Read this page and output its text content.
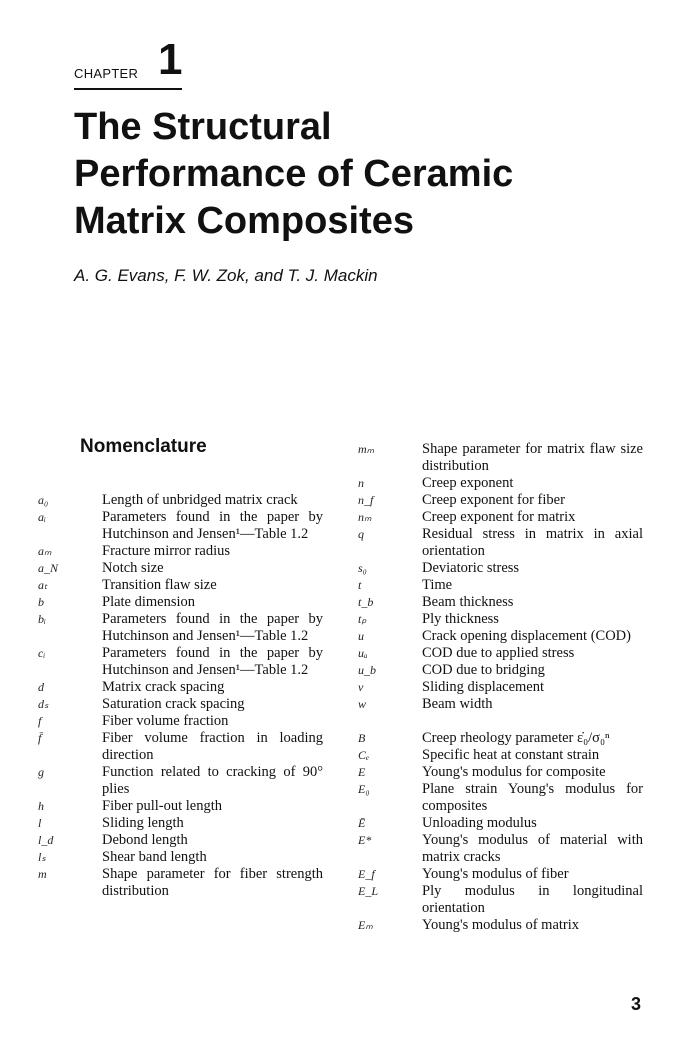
CHAPTER 1
The Structural
Performance of Ceramic
Matrix Composites
A. G. Evans, F. W. Zok, and T. J. Mackin
Nomenclature
a₀	Length of unbridged matrix crack
aᵢ	Parameters found in the paper by Hutchinson and Jensen¹—Table 1.2
aₘ	Fracture mirror radius
a_N	Notch size
aₜ	Transition flaw size
b	Plate dimension
bᵢ	Parameters found in the paper by Hutchinson and Jensen¹—Table 1.2
cᵢ	Parameters found in the paper by Hutchinson and Jensen¹—Table 1.2
d	Matrix crack spacing
dₛ	Saturation crack spacing
f	Fiber volume fraction
f̄	Fiber volume fraction in loading direction
g	Function related to cracking of 90° plies
h	Fiber pull-out length
l	Sliding length
l_d	Debond length
lₛ	Shear band length
m	Shape parameter for fiber strength distribution
mₘ	Shape parameter for matrix flaw size distribution
n	Creep exponent
n_f	Creep exponent for fiber
nₘ	Creep exponent for matrix
q	Residual stress in matrix in axial orientation
s₀	Deviatoric stress
t	Time
t_b	Beam thickness
tₚ	Ply thickness
u	Crack opening displacement (COD)
uₐ	COD due to applied stress
u_b	COD due to bridging
v	Sliding displacement
w	Beam width
B	Creep rheology parameter ε̇₀/σ₀ⁿ
Cₑ	Specific heat at constant strain
E	Young's modulus for composite
E₀	Plane strain Young's modulus for composites
Ē	Unloading modulus
E*	Young's modulus of material with matrix cracks
E_f	Young's modulus of fiber
E_L	Ply modulus in longitudinal orientation
Eₘ	Young's modulus of matrix
3
